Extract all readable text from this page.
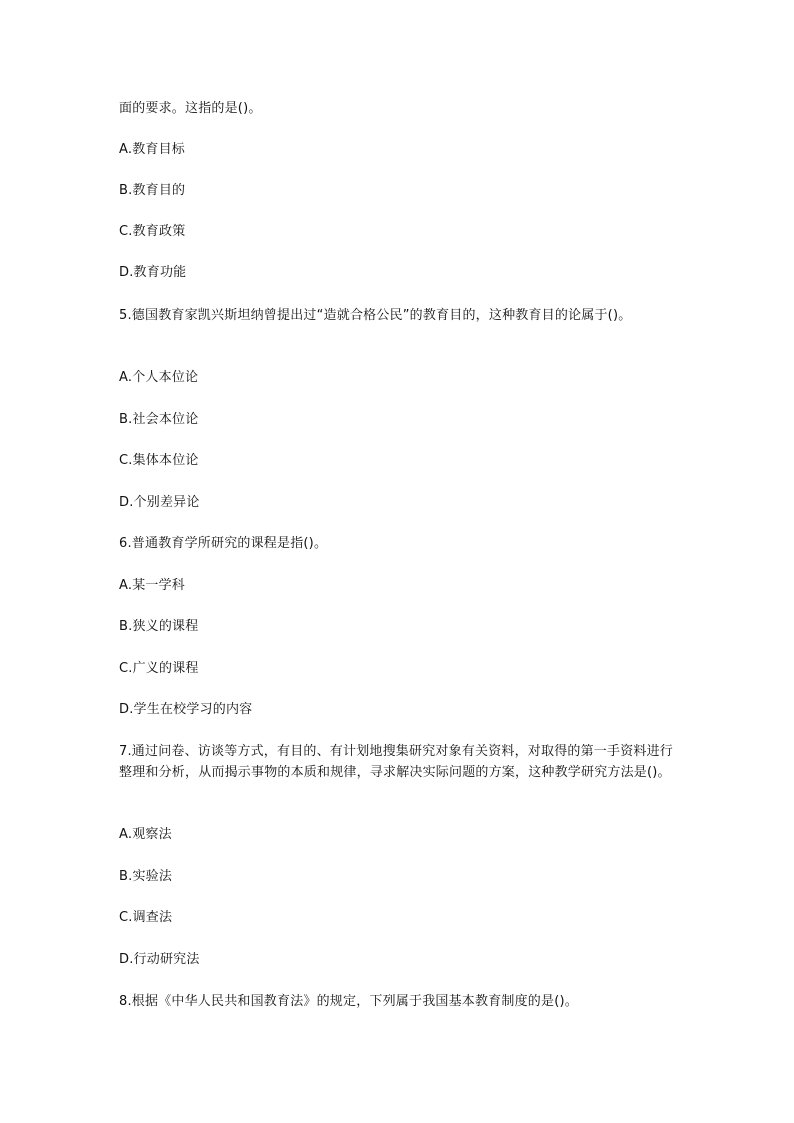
面的要求。这指的是()。
A.教育目标
B.教育目的
C.教育政策
D.教育功能
5.德国教育家凯兴斯坦纳曾提出过“造就合格公民”的教育目的，这种教育目的论属于()。
A.个人本位论
B.社会本位论
C.集体本位论
D.个别差异论
6.普通教育学所研究的课程是指()。
A.某一学科
B.狭义的课程
C.广义的课程
D.学生在校学习的内容
7.通过问卷、访谈等方式，有目的、有计划地搜集研究对象有关资料，对取得的第一手资料进行整理和分析，从而揭示事物的本质和规律，寻求解决实际问题的方案，这种教学研究方法是()。
A.观察法
B.实验法
C.调查法
D.行动研究法
8.根据《中华人民共和国教育法》的规定，下列属于我国基本教育制度的是()。
